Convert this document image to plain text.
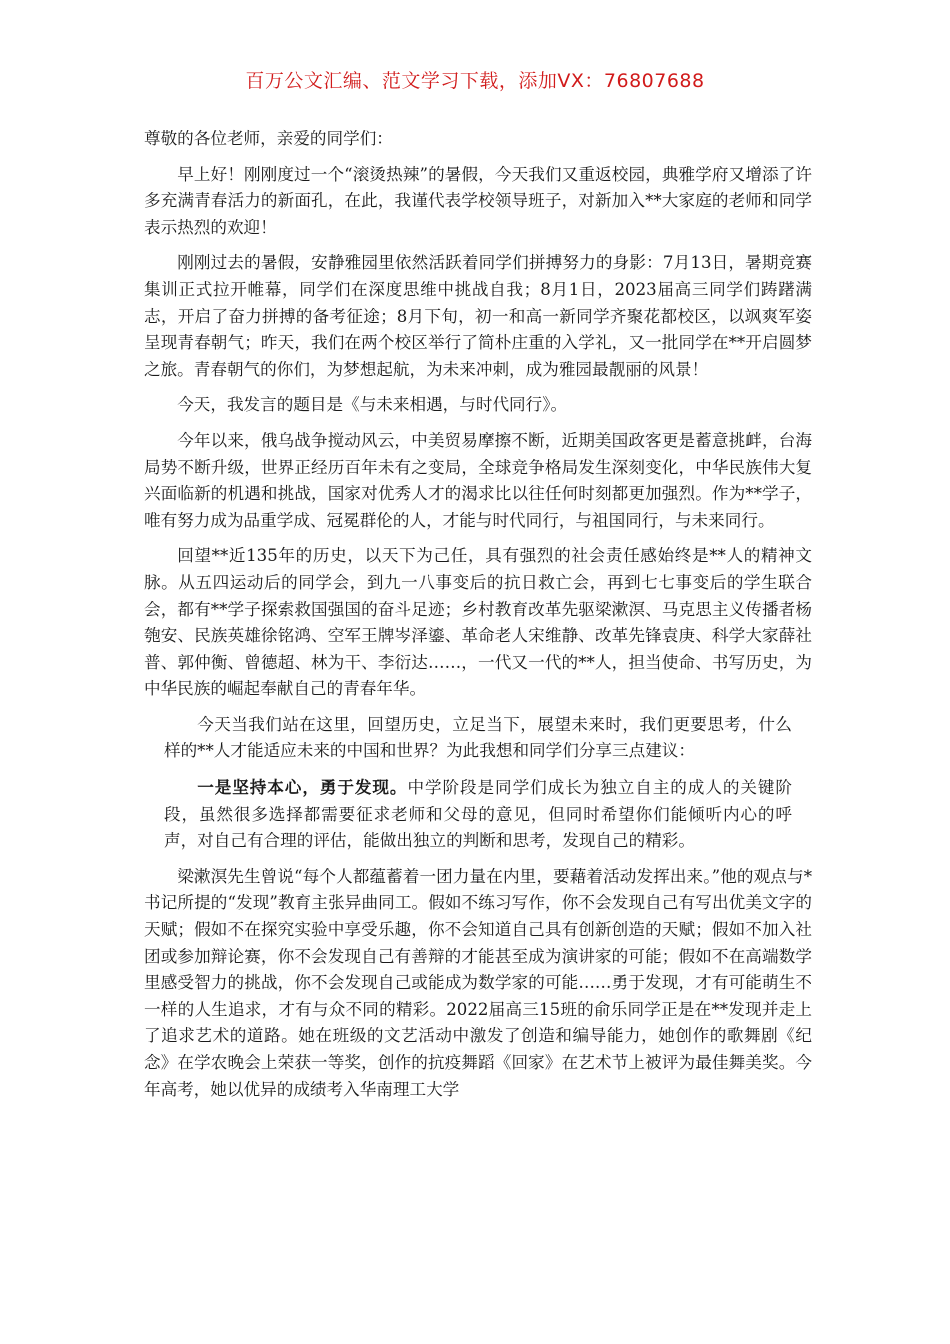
百万公文汇编、范文学习下载，添加VX：76807688

尊敬的各位老师，亲爱的同学们：

早上好！刚刚度过一个“滚烫热辣”的暑假，今天我们又重返校园，典雅学府又增添了许多充满青春活力的新面孔，在此，我谨代表学校领导班子，对新加入**大家庭的老师和同学表示热烈的欢迎！

刚刚过去的暑假，安静雅园里依然活跃着同学们拼搏努力的身影：7月13日，暑期竞赛集训正式拉开帷幕，同学们在深度思维中挑战自我；8月1日，2023届高三同学们踌躇满志，开启了奋力拼搏的备考征途；8月下旬，初一和高一新同学齐聚花都校区，以飒爽军姿呈现青春朝气；昨天，我们在两个校区举行了简朴庄重的入学礼，又一批同学在**开启圆梦之旅。青春朝气的你们，为梦想起航，为未来冲刺，成为雅园最靓丽的风景！

今天，我发言的题目是《与未来相遇，与时代同行》。

今年以来，俄乌战争搅动风云，中美贸易摩擦不断，近期美国政客更是蓄意挑衅，台海局势不断升级，世界正经历百年未有之变局，全球竞争格局发生深刻变化，中华民族伟大复兴面临新的机遇和挑战，国家对优秀人才的渴求比以往任何时刻都更加强烈。作为**学子，唯有努力成为品重学成、冠冕群伦的人，才能与时代同行，与祖国同行，与未来同行。

回望**近135年的历史，以天下为己任，具有强烈的社会责任感始终是**人的精神文脉。从五四运动后的同学会，到九一八事变后的抗日救亡会，再到七七事变后的学生联合会，都有**学子探索救国强国的奋斗足迹；乡村教育改革先驱梁漱溟、马克思主义传播者杨匏安、民族英雄徐铭鸿、空军王牌岑泽鎏、革命老人宋维静、改革先锋袁庚、科学大家薛社普、郭仲衡、曾德超、林为干、李衍达……，一代又一代的**人，担当使命、书写历史，为中华民族的崛起奉献自己的青春年华。

今天当我们站在这里，回望历史，立足当下，展望未来时，我们更要思考，什么样的**人才能适应未来的中国和世界？为此我想和同学们分享三点建议：

一是坚持本心，勇于发现。中学阶段是同学们成长为独立自主的成人的关键阶段，虽然很多选择都需要征求老师和父母的意见，但同时希望你们能倾听内心的呼声，对自己有合理的评估，能做出独立的判断和思考，发现自己的精彩。

梁漱溟先生曾说“每个人都蕴蓄着一团力量在内里，要藉着活动发挥出来。”他的观点与*书记所提的“发现”教育主张异曲同工。假如不练习写作，你不会发现自己有写出优美文字的天赋；假如不在探究实验中享受乐趣，你不会知道自己具有创新创造的天赋；假如不加入社团或参加辩论赛，你不会发现自己有善辩的才能甚至成为演讲家的可能；假如不在高端数学里感受智力的挑战，你不会发现自己或能成为数学家的可能……勇于发现，才有可能萌生不一样的人生追求，才有与众不同的精彩。2022届高三15班的俞乐同学正是在**发现并走上了追求艺术的道路。她在班级的文艺活动中激发了创造和编导能力，她创作的歌舞剧《纪念》在学农晚会上荣获一等奖，创作的抗疫舞蹈《回家》在艺术节上被评为最佳舞美奖。今年高考，她以优异的成绩考入华南理工大学
